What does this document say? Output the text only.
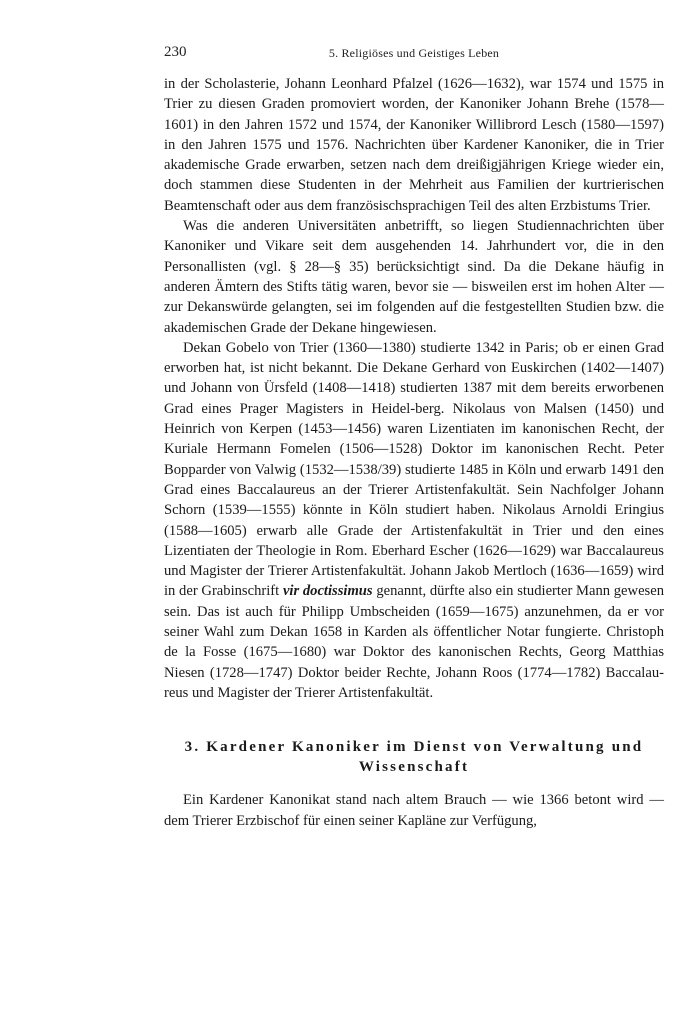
230	5. Religiöses und Geistiges Leben

in der Scholasterie, Johann Leonhard Pfalzel (1626—1632), war 1574 und 1575 in Trier zu diesen Graden promoviert worden, der Kanoniker Johann Brehe (1578—1601) in den Jahren 1572 und 1574, der Kanoniker Willibrord Lesch (1580—1597) in den Jahren 1575 und 1576. Nachrichten über Kardener Kanoniker, die in Trier akademische Grade erwarben, setzen nach dem dreißigjährigen Kriege wieder ein, doch stammen diese Studenten in der Mehrheit aus Familien der kurtrierischen Beamtenschaft oder aus dem französischsprachigen Teil des alten Erzbistums Trier.

Was die anderen Universitäten anbetrifft, so liegen Studiennachrichten über Kanoniker und Vikare seit dem ausgehenden 14. Jahrhundert vor, die in den Personallisten (vgl. § 28—§ 35) berücksichtigt sind. Da die Dekane häufig in anderen Ämtern des Stifts tätig waren, bevor sie — bisweilen erst im hohen Alter — zur Dekanswürde gelangten, sei im folgenden auf die festgestellten Studien bzw. die akademischen Grade der Dekane hingewiesen.

Dekan Gobelo von Trier (1360—1380) studierte 1342 in Paris; ob er einen Grad erworben hat, ist nicht bekannt. Die Dekane Gerhard von Euskirchen (1402—1407) und Johann von Ürsfeld (1408—1418) studierten 1387 mit dem bereits erworbenen Grad eines Prager Magisters in Heidel-berg. Nikolaus von Malsen (1450) und Heinrich von Kerpen (1453—1456) waren Lizentiaten im kanonischen Recht, der Kuriale Hermann Fomelen (1506—1528) Doktor im kanonischen Recht. Peter Bopparder von Valwig (1532—1538/39) studierte 1485 in Köln und erwarb 1491 den Grad eines Baccalaureus an der Trierer Artistenfakultät. Sein Nachfolger Johann Schorn (1539—1555) könnte in Köln studiert haben. Nikolaus Arnoldi Eringius (1588—1605) erwarb alle Grade der Artistenfakultät in Trier und den eines Lizentiaten der Theologie in Rom. Eberhard Escher (1626—1629) war Baccalaureus und Magister der Trierer Artistenfakultät. Johann Jakob Mertloch (1636—1659) wird in der Grabinschrift vir doctissimus genannt, dürfte also ein studierter Mann gewesen sein. Das ist auch für Philipp Umbscheiden (1659—1675) anzunehmen, da er vor seiner Wahl zum Dekan 1658 in Karden als öffentlicher Notar fungierte. Christoph de la Fosse (1675—1680) war Doktor des kanonischen Rechts, Georg Matthias Niesen (1728—1747) Doktor beider Rechte, Johann Roos (1774—1782) Baccalau-reus und Magister der Trierer Artistenfakultät.

3. Kardener Kanoniker im Dienst von Verwaltung und Wissenschaft

Ein Kardener Kanonikat stand nach altem Brauch — wie 1366 betont wird — dem Trierer Erzbischof für einen seiner Kapläne zur Verfügung,
